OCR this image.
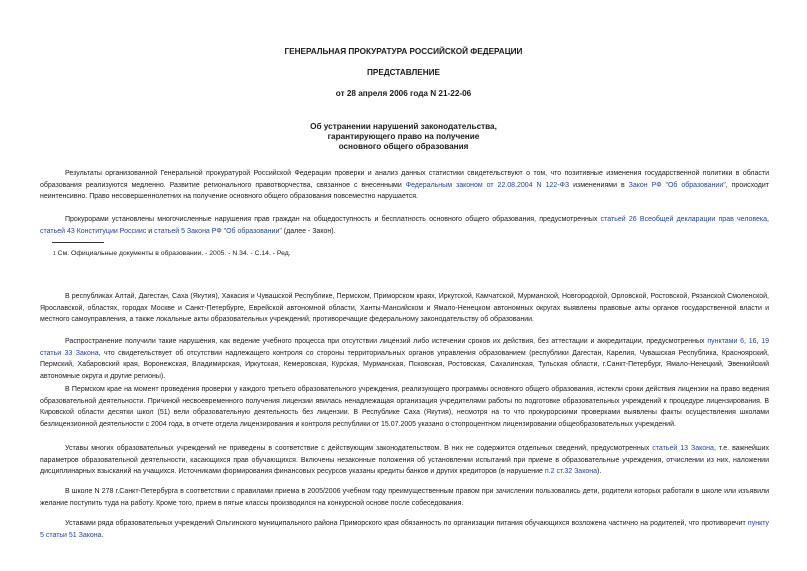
ГЕНЕРАЛЬНАЯ ПРОКУРАТУРА РОССИЙСКОЙ ФЕДЕРАЦИИ
ПРЕДСТАВЛЕНИЕ
от 28 апреля 2006 года N 21-22-06
Об устранении нарушений законодательства,
гарантирующего право на получение
основного общего образования
Результаты организованной Генеральной прокуратурой Российской Федерации проверки и анализ данных статистики свидетельствуют о том, что позитивные изменения государственной политики в области образования реализуются медленно. Развитие регионального правотворчества, связанное с внесенными Федеральным законом от 22.08.2004 N 122-ФЗ изменениями в Закон РФ "Об образовании", происходит неинтенсивно. Право несовершеннолетних на получение основного общего образования повсеместно нарушается.
Прокурорами установлены многочисленные нарушения прав граждан на общедоступность и бесплатность основного общего образования, предусмотренных статьей 26 Всеобщей декларации прав человека, статьей 43 Конституции Россиис и статьей 5 Закона РФ "Об образовании" (далее - Закон).
$^1$ См. Официальные документы в образовании. - 2005. - N 34. - С.14. - Ред.
В республиках Алтай, Дагестан, Саха (Якутия), Хакасия и Чувашской Республике, Пермском, Приморском краях, Иркутской, Камчатской, Мурманской, Новгородской, Орловской, Ростовской, Рязанской Смоленской, Ярославской, областях, городах Москве и Санкт-Петербурге, Еврейской автономной области, Ханты-Мансийском и Ямало-Ненецком автономных округах выявлены правовые акты органов государственной власти и местного самоуправления, а также локальные акты образовательных учреждений, противоречащие федеральному законодательству об образовании.
Распространение получили такие нарушения, как ведение учебного процесса при отсутствии лицензий либо истечении сроков их действия, без аттестации и аккредитации, предусмотренных пунктами 6, 16, 19 статьи 33 Закона, что свидетельствует об отсутствии надлежащего контроля со стороны территориальных органов управления образованием (республики Дагестан, Карелия, Чувашская Республика, Красноярский, Пермский, Хабаровский края, Воронежская, Владимирская, Иркутская, Кемеровская, Курская, Мурманская, Псковская, Ростовская, Сахалинская, Тульская области, г.Санкт-Петербург, Ямало-Ненецкий, Эвенкийский автономные округа и другие регионы).
В Пермском крае на момент проведения проверки у каждого третьего образовательного учреждения, реализующего программы основного общего образования, истекли сроки действия лицензии на право ведения образовательной деятельности. Причиной несвоевременного получения лицензии явилась ненадлежащая организация учредителями работы по подготовке образовательных учреждений к процедуре лицензирования. В Кировской области десятки школ (51) вели образовательную деятельность без лицензии. В Республике Саха (Якутия), несмотря на то что прокурорскими проверками выявлены факты осуществления школами безлицензионной деятельности с 2004 года, в отчете отдела лицензирования и контроля республики от 15.07.2005 указано о стопроцентном лицензировании общеобразовательных учреждений.
Уставы многих образовательных учреждений не приведены в соответствие с действующим законодательством. В них не содержится отдельных сведений, предусмотренных статьей 13 Закона, т.е. важнейших параметров образовательной деятельности, касающихся прав обучающихся. Включены незаконные положения об установлении испытаний при приеме в образовательные учреждения, отчислении из них, наложении дисциплинарных взысканий на учащихся. Источниками формирования финансовых ресурсов указаны кредиты банков и других кредиторов (в нарушение п.2 ст.32 Закона).
В школе N 278 г.Санкт-Петербурга в соответствии с правилами приема в 2005/2006 учебном году преимущественным правом при зачислении пользовались дети, родители которых работали в школе или изъявили желание поступить туда на работу. Кроме того, прием в пятые классы производился на конкурсной основе после собеседования.
Уставами ряда образовательных учреждений Ольгинского муниципального района Приморского края обязанность по организации питания обучающихся возложена частично на родителей, что противоречит пункту 5 статьи 51 Закона.
